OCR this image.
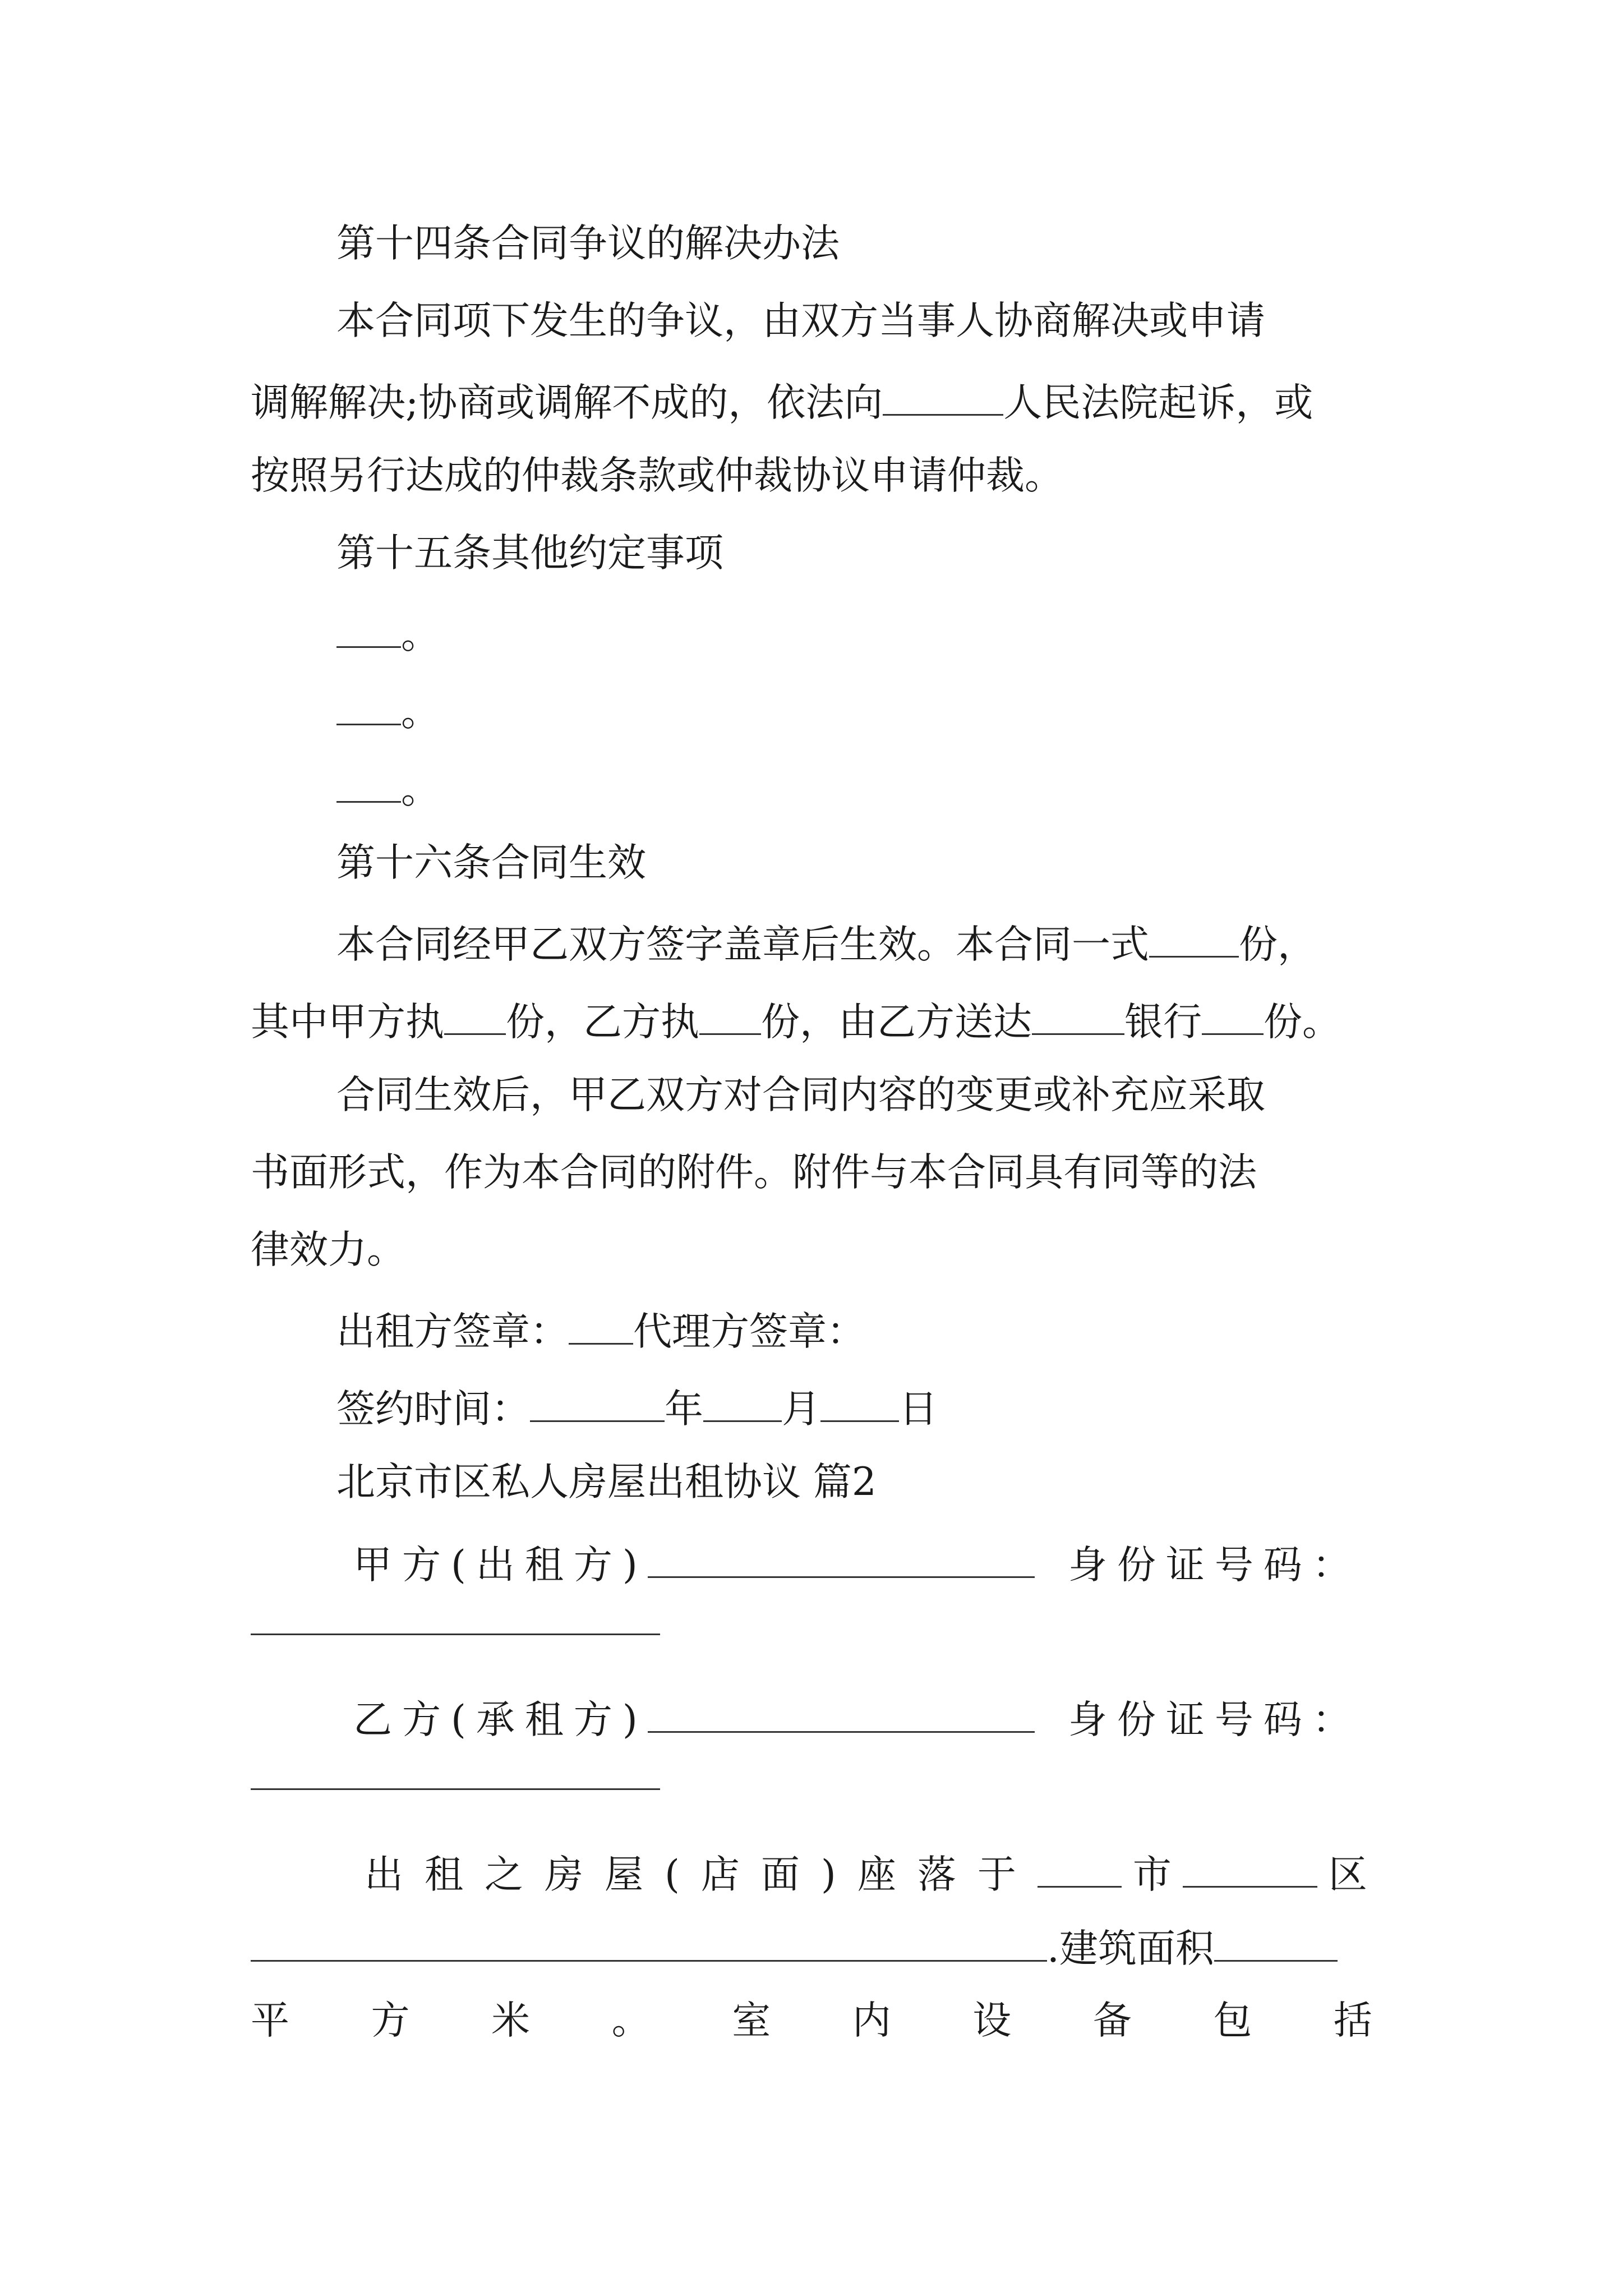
第十四条合同争议的解决办法
本合同项下发生的争议，由双方当事人协商解决或申请
调解解决;协商或调解不成的，依法向	人民法院起诉，或
按照另行达成的仲裁条款或仲裁协议申请仲裁。
第十五条其他约定事项
。
。
。
第十六条合同生效
本合同经甲乙双方签字盖章后生效。本合同一式 份，
其中甲方执 份，乙方执 份，由乙方送达 银行 份。
合同生效后，甲乙双方对合同内容的变更或补充应采取
书面形式，作为本合同的附件。附件与本合同具有同等的法
律效力。
出租方签章： 代理方签章：
签约时间：	年 月 日
北京市区私人房屋出租协议 篇2
甲方(出租方)	身份证号码：
乙方(承租方)	身份证号码：
出租之房屋(店面)座落于 市	区
.建筑面积
平 方 米 。 室 内 设 备 包 括
